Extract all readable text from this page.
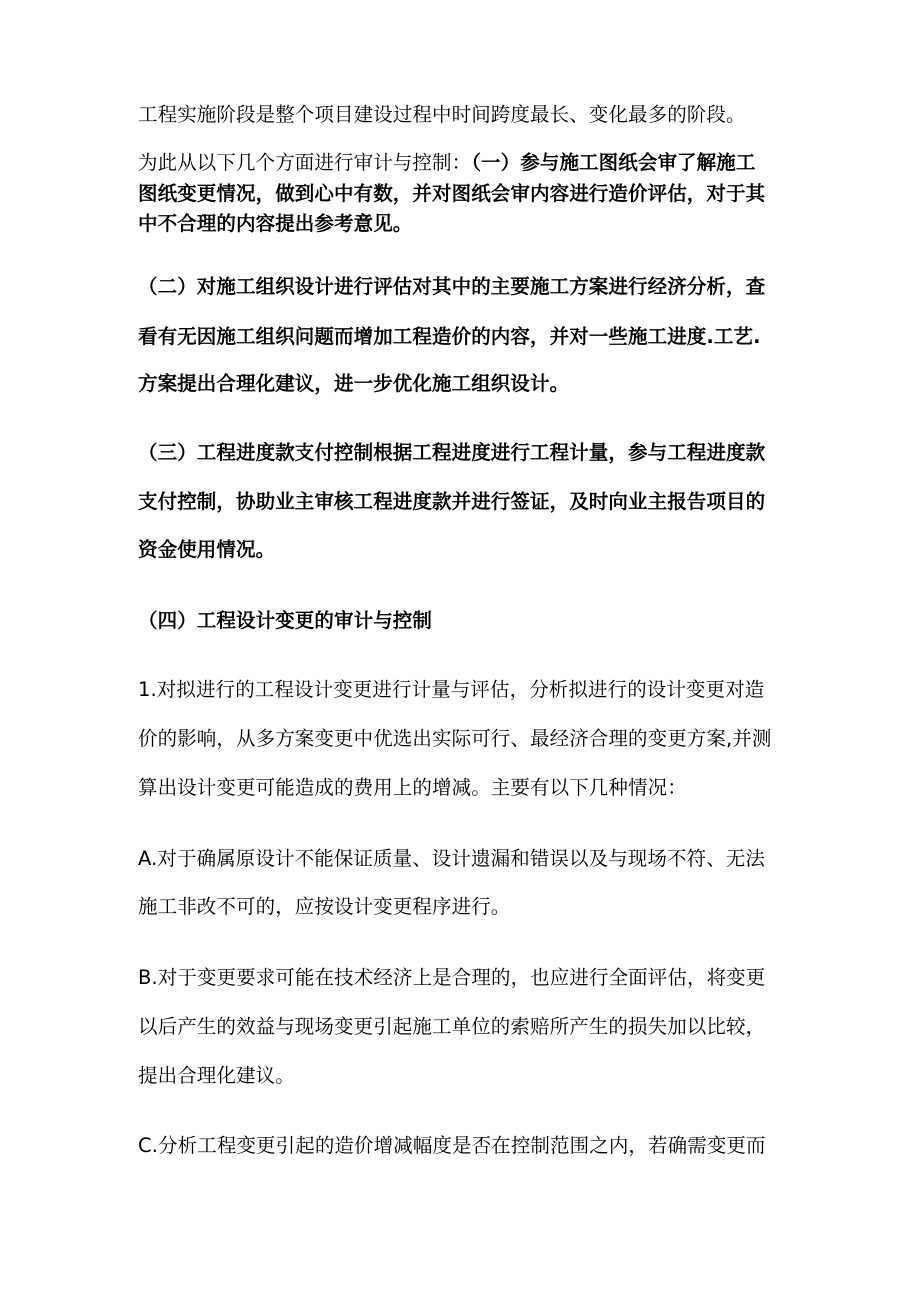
工程实施阶段是整个项目建设过程中时间跨度最长、变化最多的阶段。
为此从以下几个方面进行审计与控制：（一）参与施工图纸会审了解施工
图纸变更情况，做到心中有数，并对图纸会审内容进行造价评估，对于其
中不合理的内容提出参考意见。
（二）对施工组织设计进行评估对其中的主要施工方案进行经济分析，查
看有无因施工组织问题而增加工程造价的内容，并对一些施工进度.工艺.
方案提出合理化建议，进一步优化施工组织设计。
（三）工程进度款支付控制根据工程进度进行工程计量，参与工程进度款
支付控制，协助业主审核工程进度款并进行签证，及时向业主报告项目的
资金使用情况。
（四）工程设计变更的审计与控制
1.对拟进行的工程设计变更进行计量与评估，分析拟进行的设计变更对造
价的影响，从多方案变更中优选出实际可行、最经济合理的变更方案,并测
算出设计变更可能造成的费用上的增减。主要有以下几种情况：
A.对于确属原设计不能保证质量、设计遗漏和错误以及与现场不符、无法
施工非改不可的，应按设计变更程序进行。
B.对于变更要求可能在技术经济上是合理的，也应进行全面评估，将变更
以后产生的效益与现场变更引起施工单位的索赔所产生的损失加以比较，
提出合理化建议。
C.分析工程变更引起的造价增减幅度是否在控制范围之内，若确需变更而
